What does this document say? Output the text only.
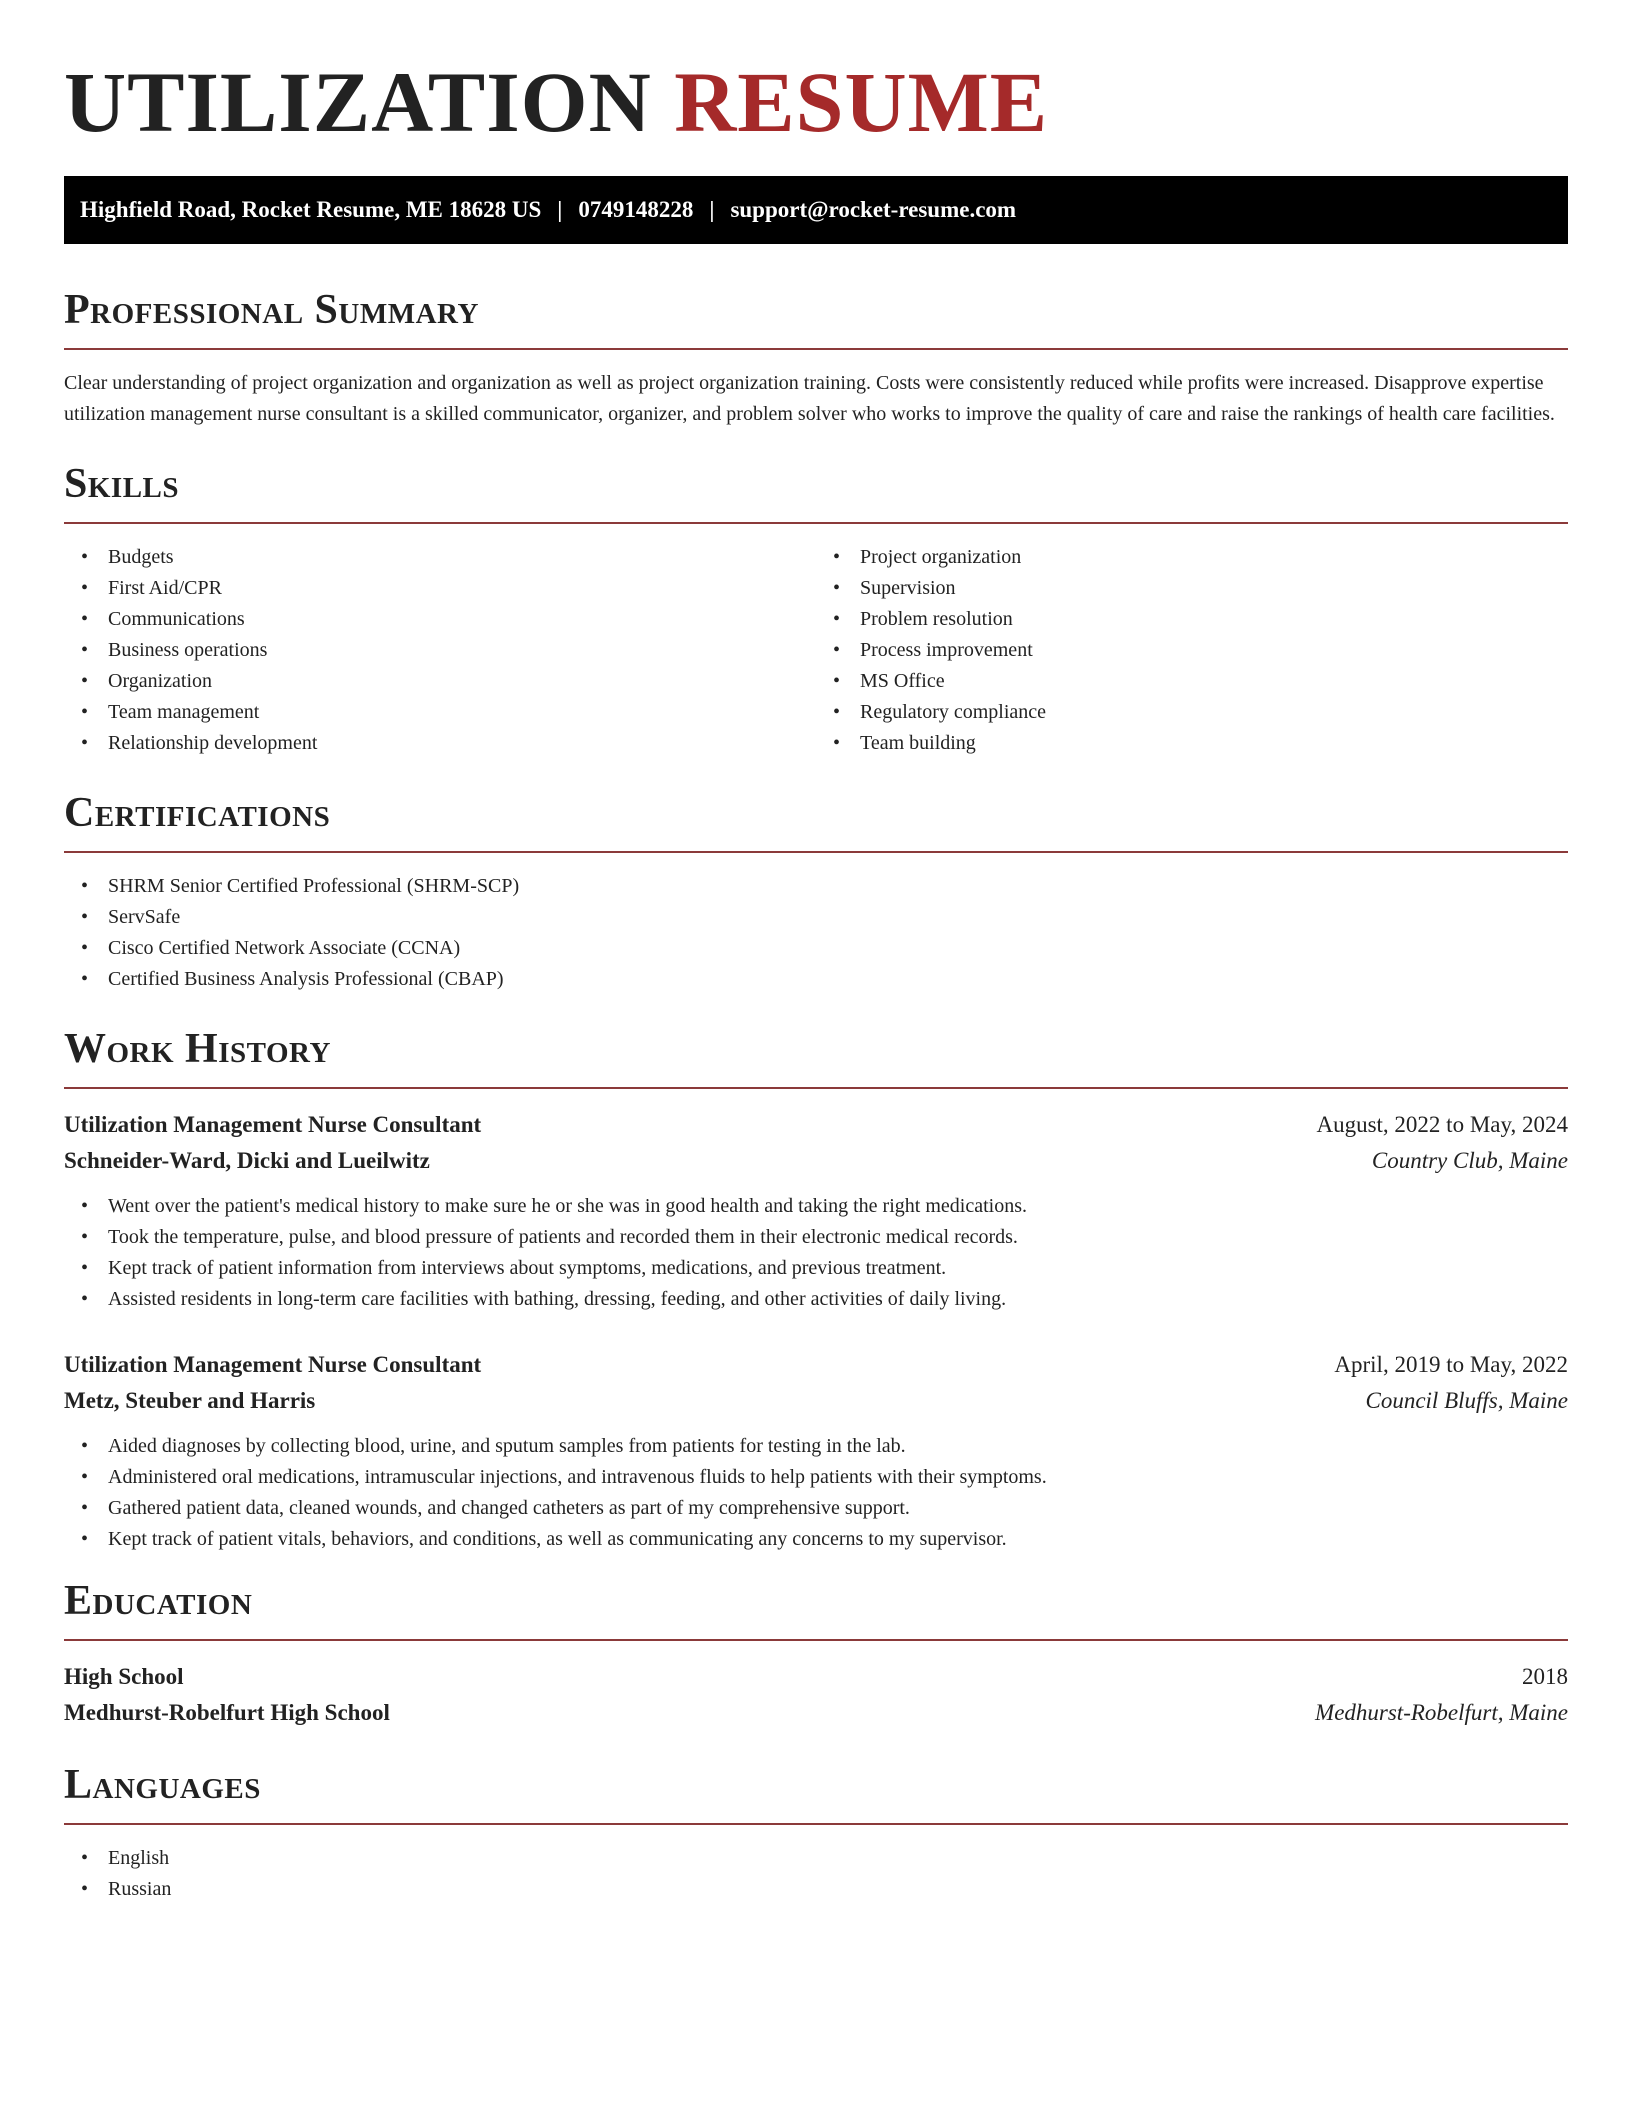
UTILIZATION RESUME
Highfield Road, Rocket Resume, ME 18628 US | 0749148228 | support@rocket-resume.com
Professional Summary

Clear understanding of project organization and organization as well as project organization training. Costs were consistently reduced while profits were increased. Disapprove expertise utilization management nurse consultant is a skilled communicator, organizer, and problem solver who works to improve the quality of care and raise the rankings of health care facilities.

Skills
• Budgets
• First Aid/CPR
• Communications
• Business operations
• Organization
• Team management
• Relationship development
• Project organization
• Supervision
• Problem resolution
• Process improvement
• MS Office
• Regulatory compliance
• Team building
Certifications
• SHRM Senior Certified Professional (SHRM-SCP)
• ServSafe
• Cisco Certified Network Associate (CCNA)
• Certified Business Analysis Professional (CBAP)
Work History
Utilization Management Nurse Consultant	August, 2022 to May, 2024
Schneider-Ward, Dicki and Lueilwitz	Country Club, Maine
• Went over the patient's medical history to make sure he or she was in good health and taking the right medications.
• Took the temperature, pulse, and blood pressure of patients and recorded them in their electronic medical records.
• Kept track of patient information from interviews about symptoms, medications, and previous treatment.
• Assisted residents in long-term care facilities with bathing, dressing, feeding, and other activities of daily living.
Utilization Management Nurse Consultant	April, 2019 to May, 2022
Metz, Steuber and Harris	Council Bluffs, Maine
• Aided diagnoses by collecting blood, urine, and sputum samples from patients for testing in the lab.
• Administered oral medications, intramuscular injections, and intravenous fluids to help patients with their symptoms.
• Gathered patient data, cleaned wounds, and changed catheters as part of my comprehensive support.
• Kept track of patient vitals, behaviors, and conditions, as well as communicating any concerns to my supervisor.
Education
High School	2018
Medhurst-Robelfurt High School	Medhurst-Robelfurt, Maine
Languages
• English
• Russian
